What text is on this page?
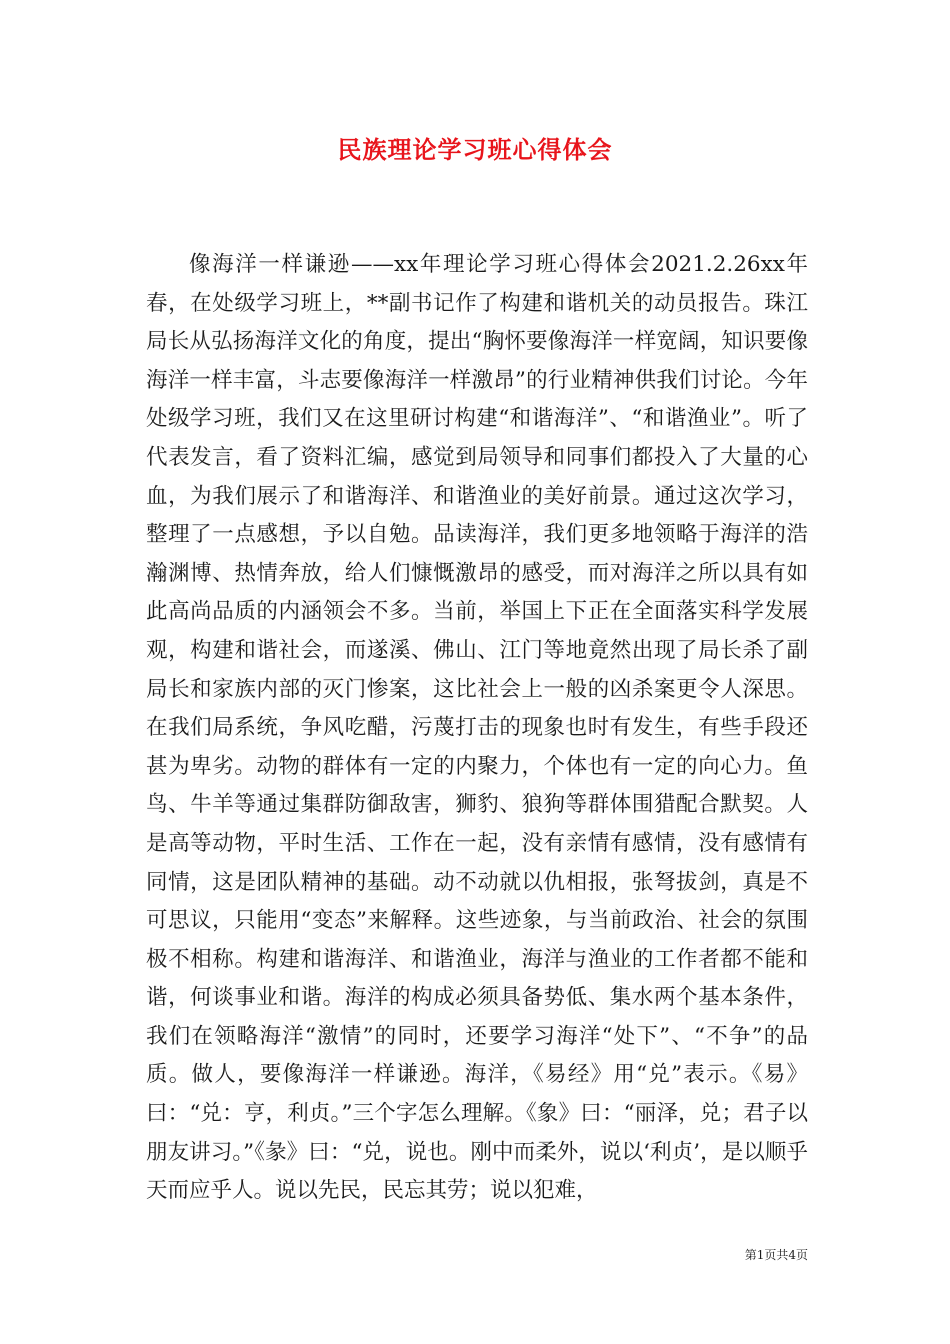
民族理论学习班心得体会

像海洋一样谦逊——xx年理论学习班心得体会2021.2.26xx年春，在处级学习班上，**副书记作了构建和谐机关的动员报告。珠江局长从弘扬海洋文化的角度，提出“胸怀要像海洋一样宽阔，知识要像海洋一样丰富，斗志要像海洋一样激昂”的行业精神供我们讨论。今年处级学习班，我们又在这里研讨构建“和谐海洋”、“和谐渔业”。听了代表发言，看了资料汇编，感觉到局领导和同事们都投入了大量的心血，为我们展示了和谐海洋、和谐渔业的美好前景。通过这次学习，整理了一点感想，予以自勉。品读海洋，我们更多地领略于海洋的浩瀚渊博、热情奔放，给人们慷慨激昂的感受，而对海洋之所以具有如此高尚品质的内涵领会不多。当前，举国上下正在全面落实科学发展观，构建和谐社会，而遂溪、佛山、江门等地竟然出现了局长杀了副局长和家族内部的灭门惨案，这比社会上一般的凶杀案更令人深思。在我们局系统，争风吃醋，污蔑打击的现象也时有发生，有些手段还甚为卑劣。动物的群体有一定的内聚力，个体也有一定的向心力。鱼鸟、牛羊等通过集群防御敌害，狮豹、狼狗等群体围猎配合默契。人是高等动物，平时生活、工作在一起，没有亲情有感情，没有感情有同情，这是团队精神的基础。动不动就以仇相报，张弩拔剑，真是不可思议，只能用“变态”来解释。这些迹象，与当前政治、社会的氛围极不相称。构建和谐海洋、和谐渔业，海洋与渔业的工作者都不能和谐，何谈事业和谐。海洋的构成必须具备势低、集水两个基本条件，我们在领略海洋“激情”的同时，还要学习海洋“处下”、“不争”的品质。做人，要像海洋一样谦逊。海洋，《易经》用“兑”表示。《易》曰：“兑：亨，利贞。”三个字怎么理解。《象》曰：“丽泽，兑；君子以朋友讲习。”《彖》曰：“兑，说也。刚中而柔外，说以‘利贞’，是以顺乎天而应乎人。说以先民，民忘其劳；说以犯难，

第1页共4页
